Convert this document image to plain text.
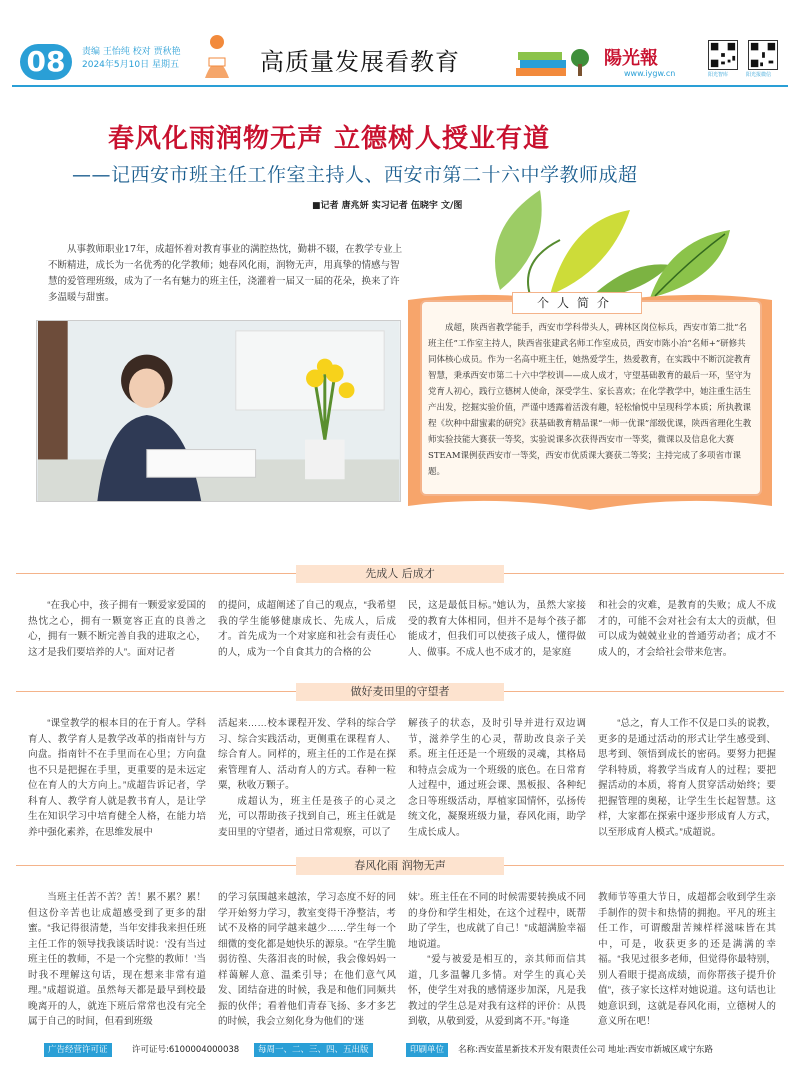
08	责编 王怡纯 校对 贾秋艳
2024年5月10日 星期五	高质量发展看教育	陽光報
www.iygw.cn	阳光智库	阳光报微信
春风化雨润物无声 立德树人授业有道
——记西安市班主任工作室主持人、西安市第二十六中学教师成超
■记者 唐兆妍 实习记者 伍晓宇 文/图
从事教师职业17年，成超怀着对教育事业的满腔热忱，勤耕不辍，在教学专业上不断精进，成长为一名优秀的化学教师；她春风化雨，润物无声，用真挚的情感与智慧的爱管理班级，成为了一名有魅力的班主任，浇灌着一届又一届的花朵，换来了许多温暖与甜蜜。	个人简介
成超，陕西省教学能手，西安市学科带头人，碑林区岗位标兵，西安市第二批“名班主任”工作室主持人，陕西省张建武名师工作室成员，西安市陈小冶“名师+”研修共同体核心成员。作为一名高中班主任，她热爱学生，热爱教育，在实践中不断沉淀教育智慧，秉承西安市第二十六中学校训——成人成才，守望基础教育的最后一环，坚守为党育人初心，践行立德树人使命，深受学生、家长喜欢；在化学教学中，她注重生活生产出发，挖掘实验价值，严谨中透露着活泼有趣，轻松愉悦中呈现科学本质；所执教课程《坎种中甜蜜素的研究》获基础教育精品课“一师一优课”部级优课，陕西省理化生教师实验技能大赛获一等奖，实验说课多次获得西安市一等奖，微课以及信息化大赛STEAM课例获西安市一等奖，西安市优质课大赛获二等奖；主持完成了多项省市课题。
先成人 后成才
做好麦田里的守望者
春风化雨 润物无声
“在我心中，孩子拥有一颗爱家爱国的热忱之心，拥有一颗宽容正直的良善之心，拥有一颗不断完善自我的进取之心，这才是我们要培养的人”。面对记者
的提问，成超阐述了自己的观点，“我希望我的学生能够健康成长、先成人，后成才。首先成为一个对家庭和社会有责任心的人，成为一个自食其力的合格的公
民，这是最低目标。”她认为，虽然大家接受的教育大体相同，但并不是每个孩子都能成才，但我们可以使孩子成人，懂得做人、做事。不成人也不成才的，是家庭
和社会的灾难，是教育的失败；成人不成才的，可能不会对社会有太大的贡献，但可以成为兢兢业业的普通劳动者；成才不成人的，才会给社会带来危害。
“课堂教学的根本目的在于育人。学科育人、教学育人是教学改革的指南针与方向盘。指南针不在手里而在心里；方向盘也不只是把握在手里，更重要的是未远定位在育人的大方向上。”成超告诉记者，学科育人、教学育人就是教书育人，是让学生在知识学习中培育健全人格，在能力培养中强化素养，在思维发展中
活起来……校本课程开发、学科的综合学习、综合实践活动，更侧重在课程育人、综合育人。同样的，班主任的工作是在探索管理育人、活动育人的方式。春种一粒粟，秋收万颗子。
成超认为，班主任是孩子的心灵之光，可以帮助孩子找到自己，班主任就是麦田里的守望者，通过日常观察，可以了
解孩子的状态，及时引导并进行双边调节，滋养学生的心灵，帮助改良亲子关系。班主任还是一个班级的灵魂，其格局和特点会成为一个班级的底色。在日常育人过程中，通过班会课、黑板报、各种纪念日等班级活动，厚植家国情怀，弘扬传统文化，凝聚班级力量，春风化雨，助学生成长成人。
“总之，育人工作不仅是口头的说教，更多的是通过活动的形式让学生感受到、思考到、领悟到成长的密码。要努力把握学科特质，将教学当成育人的过程；要把握活动的本质，将育人贯穿活动始终；要把握管理的奥秘，让学生生长起智慧。这样，大家都在探索中逐步形成育人方式，以至形成育人模式。”成超说。
当班主任苦不苦？苦！累不累？累！但这份辛苦也让成超感受到了更多的甜蜜。“我记得很清楚，当年安排我来担任班主任工作的领导找我谈话时说：‘没有当过班主任的教师，不是一个完整的教师！’当时我不理解这句话，现在想来非常有道理。”成超说道。虽然每天都是最早到校最晚离开的人，就连下班后常常也没有完全属于自己的时间，但看到班级
的学习氛围越来越浓，学习态度不好的同学开始努力学习，教室变得干净整洁，考试不及格的同学越来越少……学生每一个细微的变化都是她快乐的源泉。“在学生脆弱彷徨、失落泪丧的时候，我会像妈妈一样蔼解人意、温柔引导；在他们意气风发、团结奋进的时候，我是和他们同频共振的伙伴；看着他们青春飞扬、多才多艺的时候，我会立刻化身为他们的‘迷
妹’。班主任在不同的时候需要转换成不同的身份和学生相处，在这个过程中，既帮助了学生，也成就了自己！”成超满脸幸福地说道。
“爱与被爱是相互的，亲其师而信其道，几多温馨几多情。对学生的真心关怀，使学生对我的感情逐步加深，凡是我教过的学生总是对我有这样的评价：从畏到敬，从敬到爱，从爱到离不开。”每逢
教师节等重大节日，成超都会收到学生亲手制作的贺卡和热情的拥抱。平凡的班主任工作，可谓酸甜苦辣样样滋味皆在其中，可是，收获更多的还是满满的幸福。“我见过很多老师，但觉得你最特别，别人看眼于提高成绩，而你帮孩子提升价值”，孩子家长这样对她说道。这句话也让她意识到，这就是春风化雨，立德树人的意义所在吧！
广告经营许可证	许可证号:6100004000038	每周一、二、三、四、五出版	印刷单位	名称:西安蓝星新技术开发有限责任公司 地址:西安市新城区咸宁东路
